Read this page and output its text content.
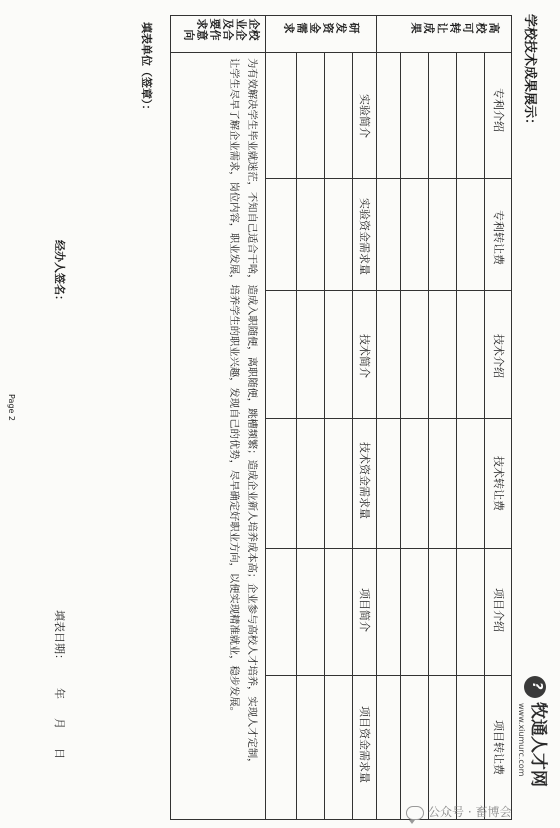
学校技术成果展示：
?
牧通人才网
www.xiumurc.com
高校可转让成果
研发资金需求
校企合作意向企业及要求
专利介绍
专利转让费
技术介绍
技术转让费
项目介绍
项目转让费
实验简介
实验资金需求量
技术简介
技术资金需求量
项目简介
项目资金需求量
为有效解决学生毕业就迷茫，不知自己适合干啥，造成入职随便，离职随便，跳槽频繁；造成企业新人培养成本高；企业参与高校人才培养，实现人才定制，
让学生尽早了解企业需求，岗位内容，职业发展，培养学生的职业兴趣，发现自己的优势，尽早确定好职业方向，以便实现精准就业，稳步发展。
填表单位（签章）：
经办人签名：
填表日期：
年
月
日
Page 2
公众号 · 畜博会
